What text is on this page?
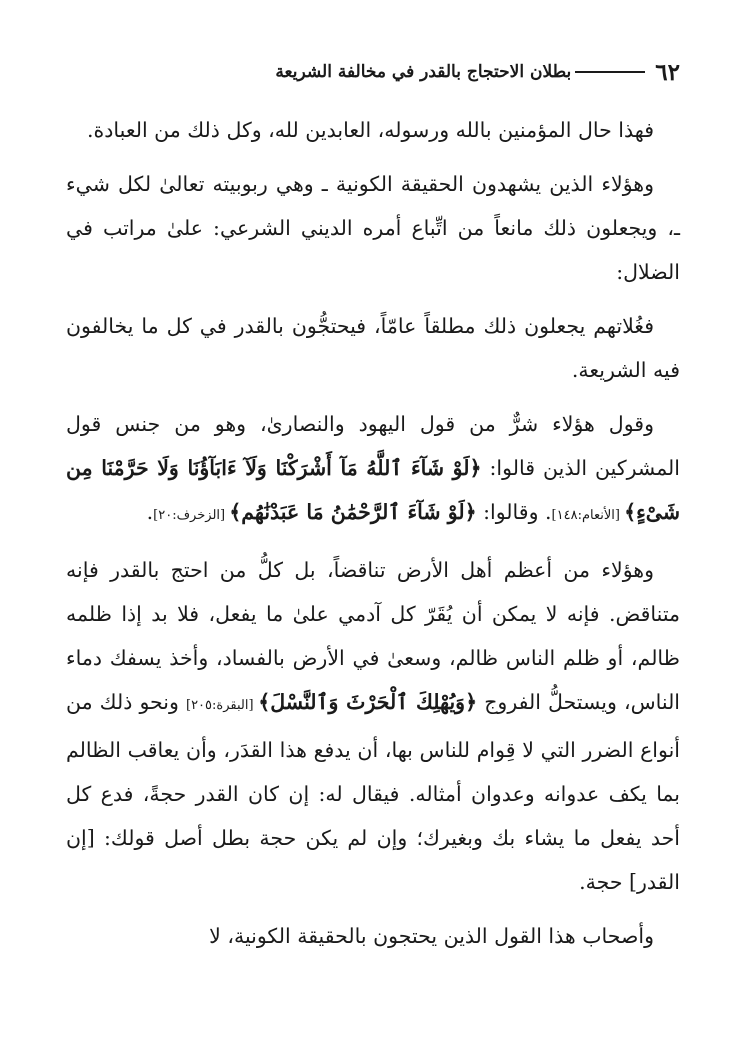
٦٢
بطلان الاحتجاج بالقدر في مخالفة الشريعة

فهذا حال المؤمنين بالله ورسوله، العابدين لله، وكل ذلك من العبادة.

وهؤلاء الذين يشهدون الحقيقة الكونية ـ وهي ربوبيته تعالىٰ لكل شيء ـ، ويجعلون ذلك مانعاً من اتِّباع أمره الديني الشرعي: علىٰ مراتب في الضلال:

فغُلاتهم يجعلون ذلك مطلقاً عامّاً، فيحتجُّون بالقدر في كل ما يخالفون فيه الشريعة.

وقول هؤلاء شرٌّ من قول اليهود والنصارىٰ، وهو من جنس قول المشركين الذين قالوا: ﴿لَوْ شَآءَ ٱللَّهُ مَآ أَشْرَكْنَا وَلَآ ءَابَآؤُنَا وَلَا حَرَّمْنَا مِن شَىْءٍ﴾ [الأنعام:١٤٨]. وقالوا: ﴿لَوْ شَآءَ ٱلرَّحْمَٰنُ مَا عَبَدْنَٰهُم﴾ [الزخرف:٢٠].

وهؤلاء من أعظم أهل الأرض تناقضاً، بل كلُّ من احتج بالقدر فإنه متناقض. فإنه لا يمكن أن يُقَرّ كل آدمي علىٰ ما يفعل، فلا بد إذا ظلمه ظالم، أو ظلم الناس ظالم، وسعىٰ في الأرض بالفساد، وأخذ يسفك دماء الناس، ويستحلُّ الفروج ﴿وَيُهْلِكَ ٱلْحَرْثَ وَٱلنَّسْلَ﴾ [البقرة:٢٠٥] ونحو ذلك من أنواع الضرر التي لا قِوام للناس بها، أن يدفع هذا القدَر، وأن يعاقب الظالم بما يكف عدوانه وعدوان أمثاله. فيقال له: إن كان القدر حجةً، فدع كل أحد يفعل ما يشاء بك وبغيرك؛ وإن لم يكن حجة بطل أصل قولك: [إن القدر] حجة.

وأصحاب هذا القول الذين يحتجون بالحقيقة الكونية، لا
